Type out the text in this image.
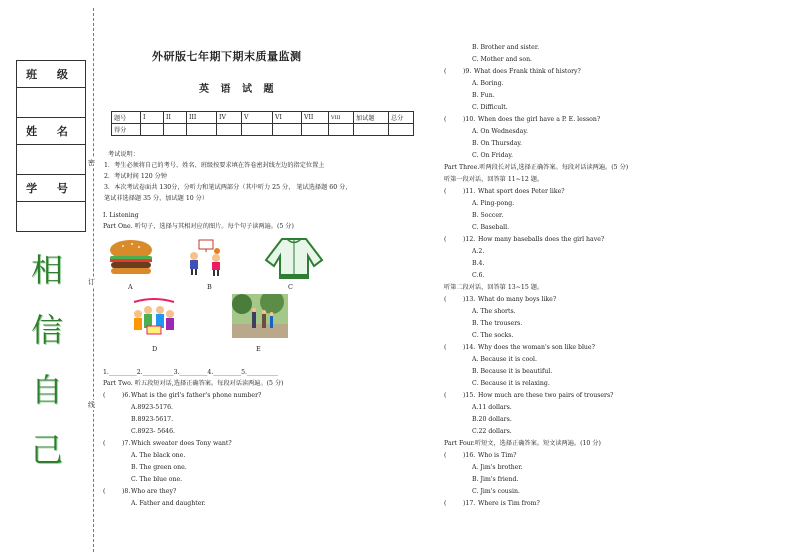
班 级

姓 名

学 号

密
订
线
相
信
自
己
外研版七年期下期末质量监测
英 语 试 题
题号	I	II	III	IV	V	VI	VII	VIII	加试题	总分
得分										
考试说明：
1．考生必须将自己的考号、姓名、班级按要求填在答卷密封线左边的指定位置上
2．考试时间 120 分钟
3．本次考试卷面共 130分，分听力和笔试两部分（其中听力 25 分， 笔试选择题 60 分，
笔试非选择题 35 分，加试题 10 分）
I. Listening
Part One. 听句子，选择与其相对应的图片。每个句子读两遍。(5 分)
A	B	C
D	E
1._________2.__________3._________4._________5.__________
Part Two. 听五段短对话,选择正确答案。每段对话读两遍。(5 分)
(	)6. What is the girl's father's phone number?
A.8923-5176.
B.8923-5617.
C.8923- 5646.
(	)7. Which sweater does Tony want?
A. The black one.
B. The green one.
C. The blue one.
(	)8. Who are they?
A. Father and daughter.
B. Brother and sister.
C. Mother and son.
(	)9. What does Frank think of history?
A. Boring.
B. Fun.
C. Difficult.
(	)10. When does the girl have a P. E. lesson?
A. On Wednesday.
B. On Thursday.
C. On Friday.
Part Three.听两段长对话,选择正确答案。每段对话读两遍。(5 分)
听第一段对话，回答第 11~12 题。
(	)11. What sport does Peter like?
A. Ping-pong.
B. Soccer.
C. Baseball.
(	)12. How many baseballs does the girl have?
A.2.
B.4.
C.6.
听第二段对话，回答第 13~15 题。
(	)13. What do many boys like?
A. The shorts.
B. The trousers.
C. The socks.
(	)14. Why does the woman's son like blue?
A. Because it is cool.
B. Because it is beautiful.
C. Because it is relaxing.
(	)15. How much are these two pairs of trousers?
A.11 dollars.
B.20 dollars.
C.22 dollars.
Part Four.听短文，选择正确答案。短文读两遍。(10 分)
(	)16. Who is Tim?
A. Jim's brother.
B. Jim's friend.
C. Jim's cousin.
(	)17. Where is Tim from?
